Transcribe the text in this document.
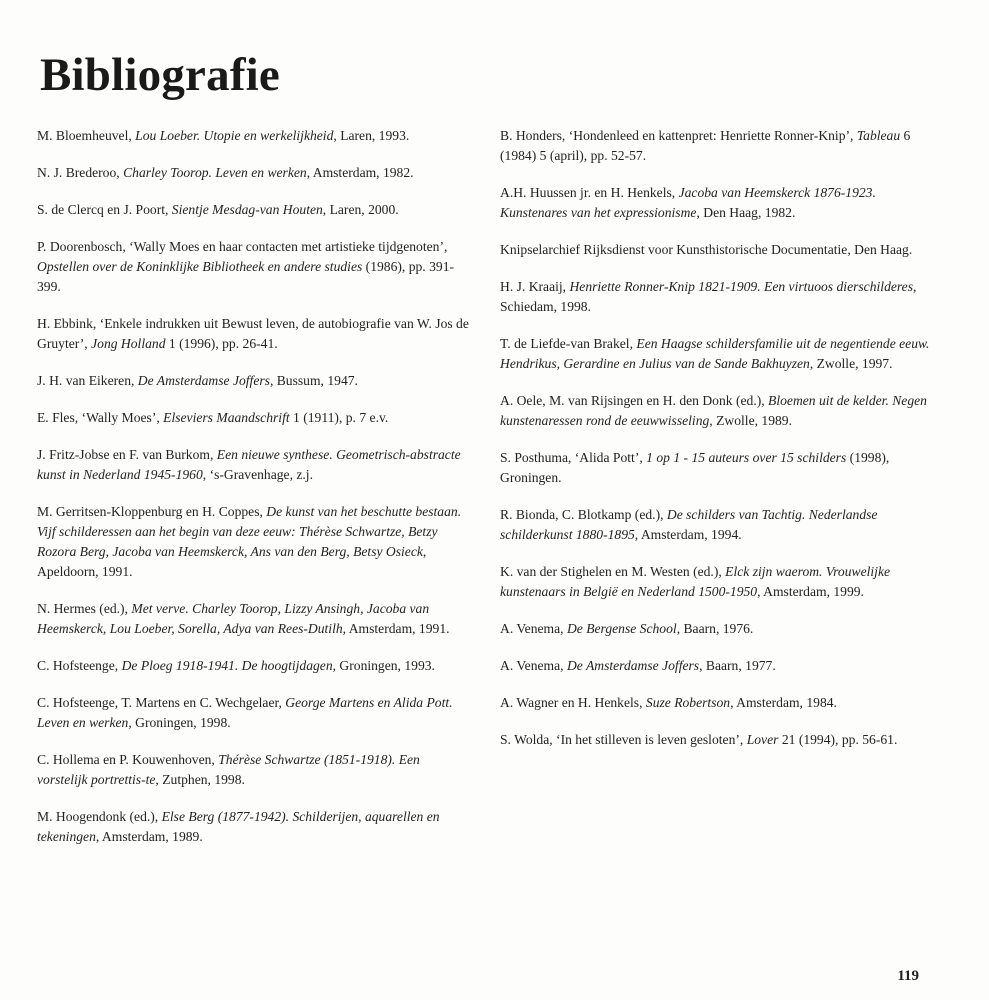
Bibliografie

M. Bloemheuvel, Lou Loeber. Utopie en werkelijkheid, Laren, 1993.

N. J. Brederoo, Charley Toorop. Leven en werken, Amsterdam, 1982.

S. de Clercq en J. Poort, Sientje Mesdag-van Houten, Laren, 2000.

P. Doorenbosch, ‘Wally Moes en haar contacten met artistieke tijdgenoten’, Opstellen over de Koninklijke Bibliotheek en andere studies (1986), pp. 391-399.

H. Ebbink, ‘Enkele indrukken uit Bewust leven, de autobiografie van W. Jos de Gruyter’, Jong Holland 1 (1996), pp. 26-41.

J. H. van Eikeren, De Amsterdamse Joffers, Bussum, 1947.

E. Fles, ‘Wally Moes’, Elseviers Maandschrift 1 (1911), p. 7 e.v.

J. Fritz-Jobse en F. van Burkom, Een nieuwe synthese. Geometrisch-abstracte kunst in Nederland 1945-1960, ‘s-Gravenhage, z.j.

M. Gerritsen-Kloppenburg en H. Coppes, De kunst van het beschutte bestaan. Vijf schilderessen aan het begin van deze eeuw: Thérèse Schwartze, Betzy Rozora Berg, Jacoba van Heemskerck, Ans van den Berg, Betsy Osieck, Apeldoorn, 1991.

N. Hermes (ed.), Met verve. Charley Toorop, Lizzy Ansingh, Jacoba van Heemskerck, Lou Loeber, Sorella, Adya van Rees-Dutilh, Amsterdam, 1991.

C. Hofsteenge, De Ploeg 1918-1941. De hoogtijdagen, Groningen, 1993.

C. Hofsteenge, T. Martens en C. Wechgelaer, George Martens en Alida Pott. Leven en werken, Groningen, 1998.

C. Hollema en P. Kouwenhoven, Thérèse Schwartze (1851-1918). Een vorstelijk portrettis-te, Zutphen, 1998.

M. Hoogendonk (ed.), Else Berg (1877-1942). Schilderijen, aquarellen en tekeningen, Amsterdam, 1989.

B. Honders, ‘Hondenleed en kattenpret: Henriette Ronner-Knip’, Tableau 6 (1984) 5 (april), pp. 52-57.

A.H. Huussen jr. en H. Henkels, Jacoba van Heemskerck 1876-1923. Kunstenares van het expressionisme, Den Haag, 1982.

Knipselarchief Rijksdienst voor Kunsthistorische Documentatie, Den Haag.

H. J. Kraaij, Henriette Ronner-Knip 1821-1909. Een virtuoos dierschilderes, Schiedam, 1998.

T. de Liefde-van Brakel, Een Haagse schildersfamilie uit de negentiende eeuw. Hendrikus, Gerardine en Julius van de Sande Bakhuyzen, Zwolle, 1997.

A. Oele, M. van Rijsingen en H. den Donk (ed.), Bloemen uit de kelder. Negen kunstenaressen rond de eeuwwisseling, Zwolle, 1989.

S. Posthuma, ‘Alida Pott’, 1 op 1 - 15 auteurs over 15 schilders (1998), Groningen.

R. Bionda, C. Blotkamp (ed.), De schilders van Tachtig. Nederlandse schilderkunst 1880-1895, Amsterdam, 1994.

K. van der Stighelen en M. Westen (ed.), Elck zijn waerom. Vrouwelijke kunstenaars in België en Nederland 1500-1950, Amsterdam, 1999.

A. Venema, De Bergense School, Baarn, 1976.

A. Venema, De Amsterdamse Joffers, Baarn, 1977.

A. Wagner en H. Henkels, Suze Robertson, Amsterdam, 1984.

S. Wolda, ‘In het stilleven is leven gesloten’, Lover 21 (1994), pp. 56-61.

119
